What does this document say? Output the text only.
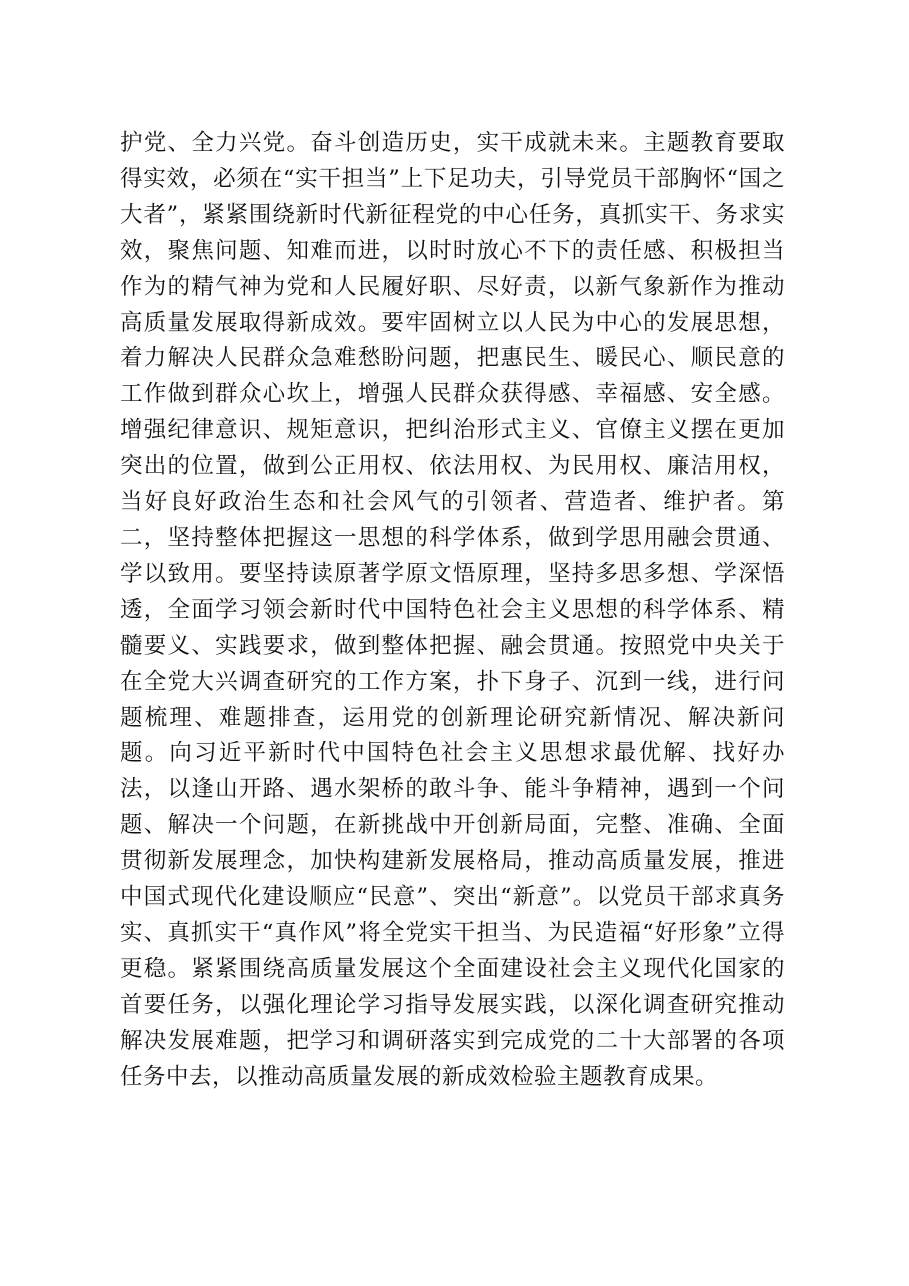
护党、全力兴党。奋斗创造历史，实干成就未来。主题教育要取得实效，必须在“实干担当”上下足功夫，引导党员干部胸怀“国之大者”，紧紧围绕新时代新征程党的中心任务，真抓实干、务求实效，聚焦问题、知难而进，以时时放心不下的责任感、积极担当作为的精气神为党和人民履好职、尽好责，以新气象新作为推动高质量发展取得新成效。要牢固树立以人民为中心的发展思想，着力解决人民群众急难愁盼问题，把惠民生、暖民心、顺民意的工作做到群众心坎上，增强人民群众获得感、幸福感、安全感。增强纪律意识、规矩意识，把纠治形式主义、官僚主义摆在更加突出的位置，做到公正用权、依法用权、为民用权、廉洁用权，当好良好政治生态和社会风气的引领者、营造者、维护者。第二，坚持整体把握这一思想的科学体系，做到学思用融会贯通、学以致用。要坚持读原著学原文悟原理，坚持多思多想、学深悟透，全面学习领会新时代中国特色社会主义思想的科学体系、精髓要义、实践要求，做到整体把握、融会贯通。按照党中央关于在全党大兴调查研究的工作方案，扑下身子、沉到一线，进行问题梳理、难题排查，运用党的创新理论研究新情况、解决新问题。向习近平新时代中国特色社会主义思想求最优解、找好办法，以逢山开路、遇水架桥的敢斗争、能斗争精神，遇到一个问题、解决一个问题，在新挑战中开创新局面，完整、准确、全面贯彻新发展理念，加快构建新发展格局，推动高质量发展，推进中国式现代化建设顺应“民意”、突出“新意”。以党员干部求真务实、真抓实干“真作风”将全党实干担当、为民造福“好形象”立得更稳。紧紧围绕高质量发展这个全面建设社会主义现代化国家的首要任务，以强化理论学习指导发展实践，以深化调查研究推动解决发展难题，把学习和调研落实到完成党的二十大部署的各项任务中去，以推动高质量发展的新成效检验主题教育成果。
